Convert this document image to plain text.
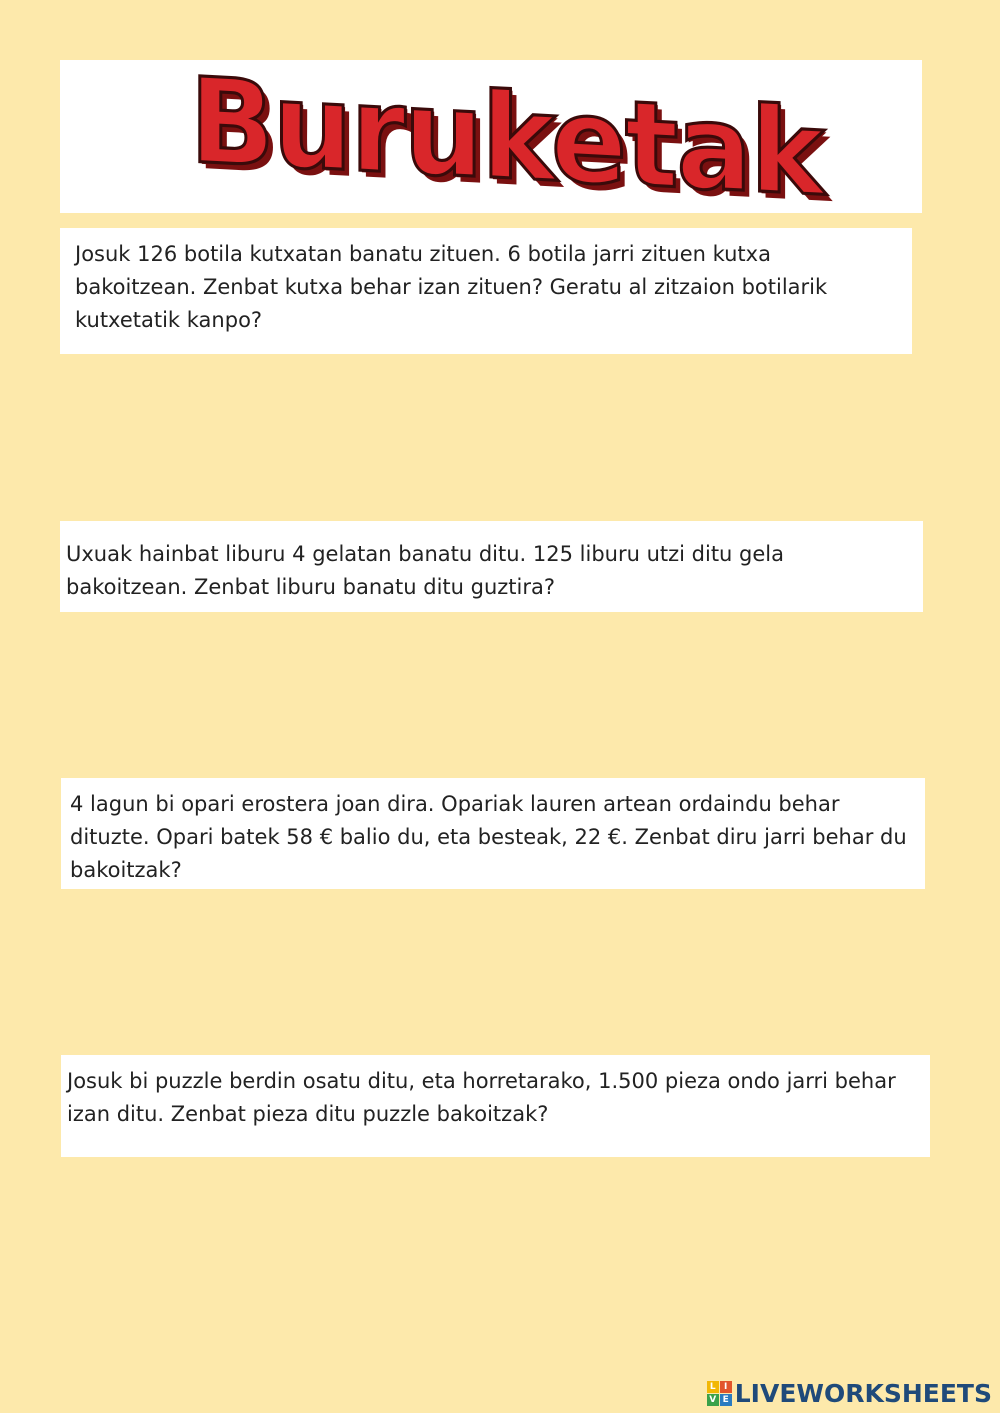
Buruketak
Josuk 126 botila kutxatan banatu zituen. 6 botila jarri zituen kutxa bakoitzean. Zenbat kutxa behar izan zituen? Geratu al zitzaion botilarik kutxetatik kanpo?
Uxuak hainbat liburu 4 gelatan banatu ditu. 125 liburu utzi ditu gela bakoitzean. Zenbat liburu banatu ditu guztira?
4 lagun bi opari erostera joan dira. Opariak lauren artean ordaindu behar dituzte. Opari batek 58 € balio du, eta besteak, 22 €. Zenbat diru jarri behar du bakoitzak?
Josuk bi puzzle berdin osatu ditu, eta horretarako, 1.500 pieza ondo jarri behar izan ditu. Zenbat pieza ditu puzzle bakoitzak?
L I
V E LIVEWORKSHEETS
